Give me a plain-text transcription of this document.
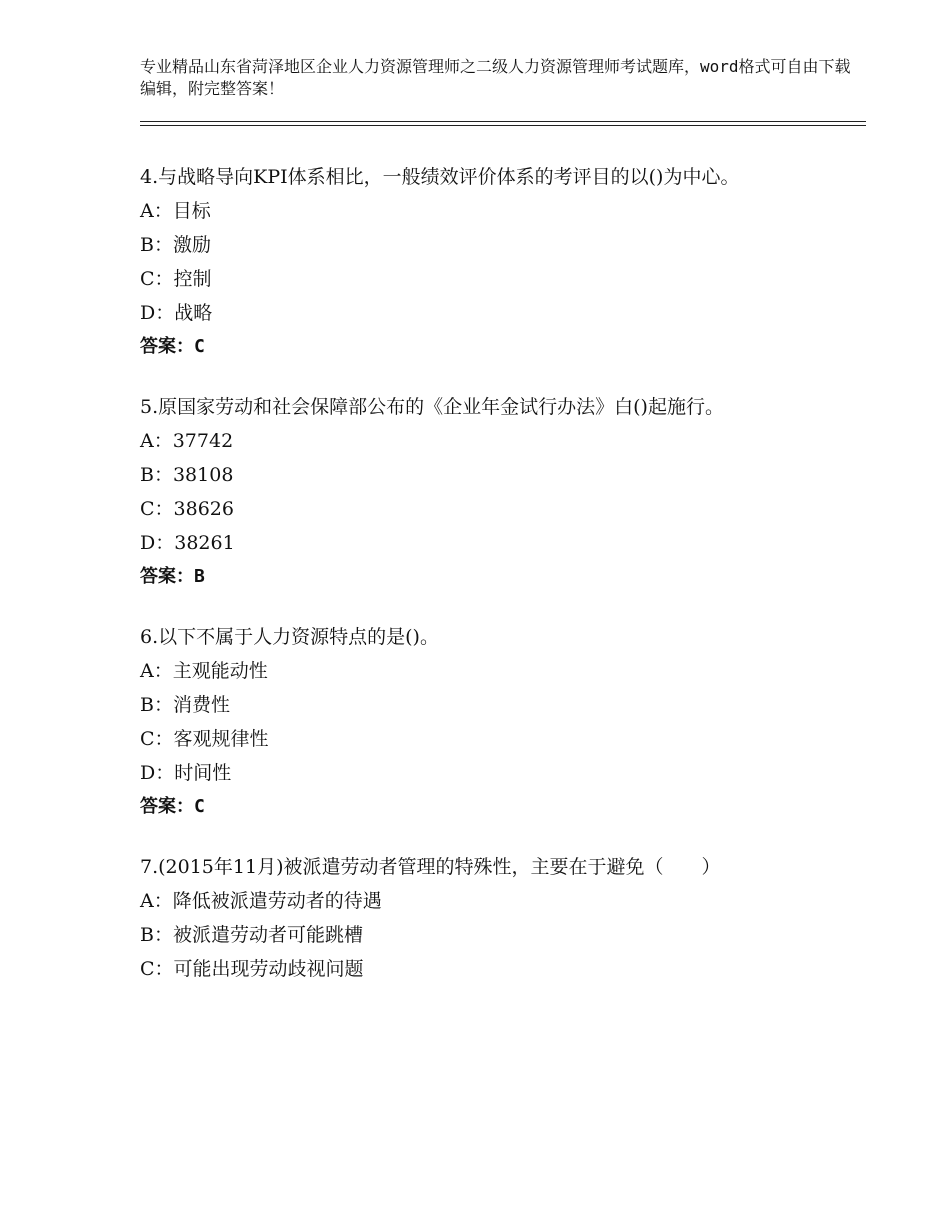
专业精品山东省菏泽地区企业人力资源管理师之二级人力资源管理师考试题库，word格式可自由下载编辑，附完整答案！

4.与战略导向KPI体系相比，一般绩效评价体系的考评目的以()为中心。

A：目标

B：激励

C：控制

D：战略

答案：C

5.原国家劳动和社会保障部公布的《企业年金试行办法》白()起施行。

A：37742

B：38108

C：38626

D：38261

答案：B

6.以下不属于人力资源特点的是()。

A：主观能动性

B：消费性

C：客观规律性

D：时间性

答案：C

7.(2015年11月)被派遣劳动者管理的特殊性，主要在于避免（　　）

A：降低被派遣劳动者的待遇

B：被派遣劳动者可能跳槽

C：可能出现劳动歧视问题
